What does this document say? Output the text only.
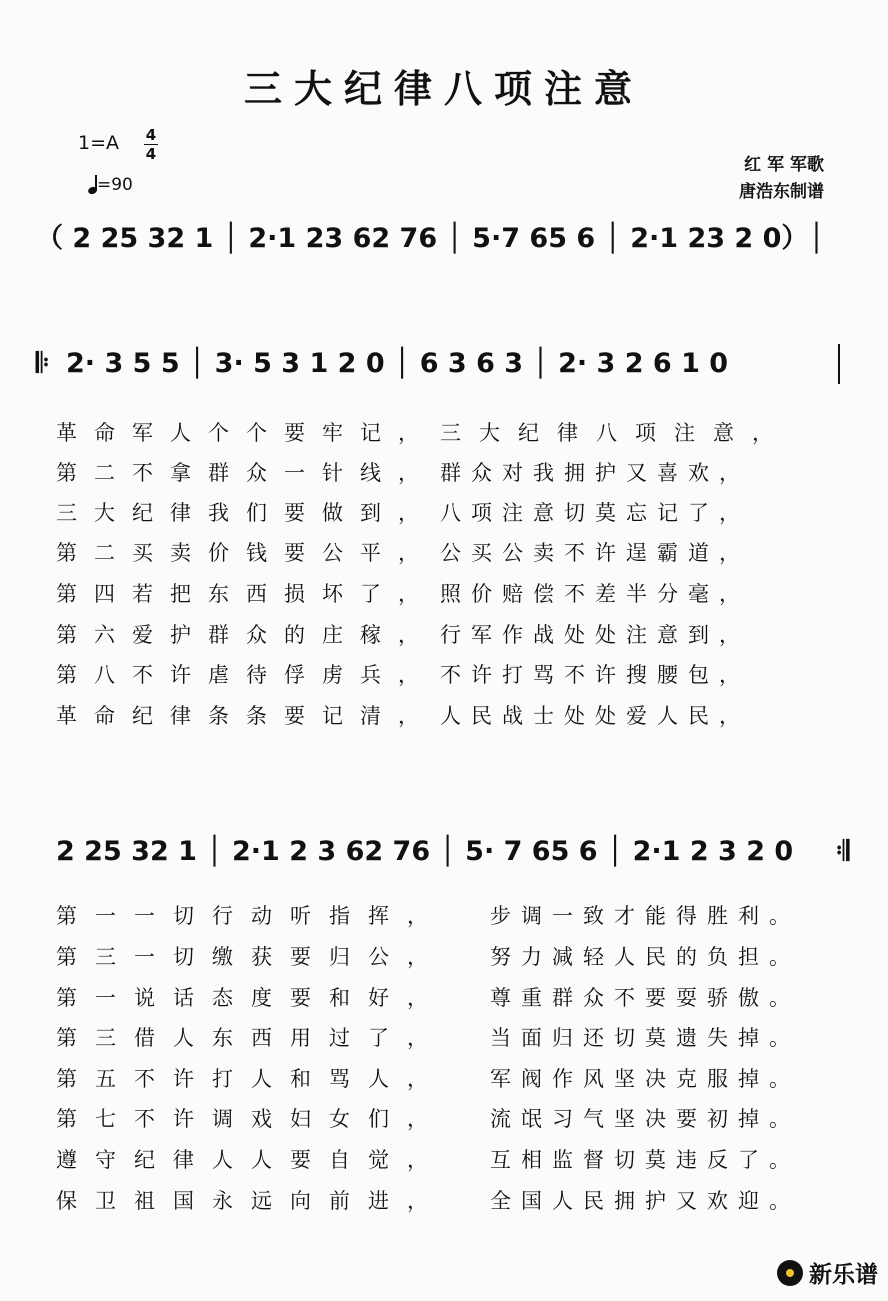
三大纪律八项注意
1=A 4
4
=90
红 军 军歌
唐浩东制谱
（ 2 25 32 1 │ 2·1 23 62 76 │ 5·7 65 6 │ 2·1 23 2 0）│
𝄆 2· 3 5 5 │ 3· 5 3 1 2 0 │ 6 3 6 3 │ 2· 3 2 6 1 0
革命军人个个要牢记， 三大纪律八项注意，
第二不拿群众一针线， 群众对我拥护又喜欢，
三大纪律我们要做到， 八项注意切莫忘记了，
第二买卖价钱要公平， 公买公卖不许逞霸道，
第四若把东西损坏了， 照价赔偿不差半分毫，
第六爱护群众的庄稼， 行军作战处处注意到，
第八不许虐待俘虏兵， 不许打骂不许搜腰包，
革命纪律条条要记清， 人民战士处处爱人民，
2 25 32 1 │ 2·1 2 3 62 76 │ 5· 7 65 6 │ 2·1 2 3 2 0 𝄇
第一一切行动听指挥， 步调一致才能得胜利。
第三一切缴获要归公， 努力减轻人民的负担。
第一说话态度要和好， 尊重群众不要耍骄傲。
第三借人东西用过了， 当面归还切莫遗失掉。
第五不许打人和骂人， 军阀作风坚决克服掉。
第七不许调戏妇女们， 流氓习气坚决要初掉。
遵守纪律人人要自觉， 互相监督切莫违反了。
保卫祖国永远向前进， 全国人民拥护又欢迎。
新乐谱
